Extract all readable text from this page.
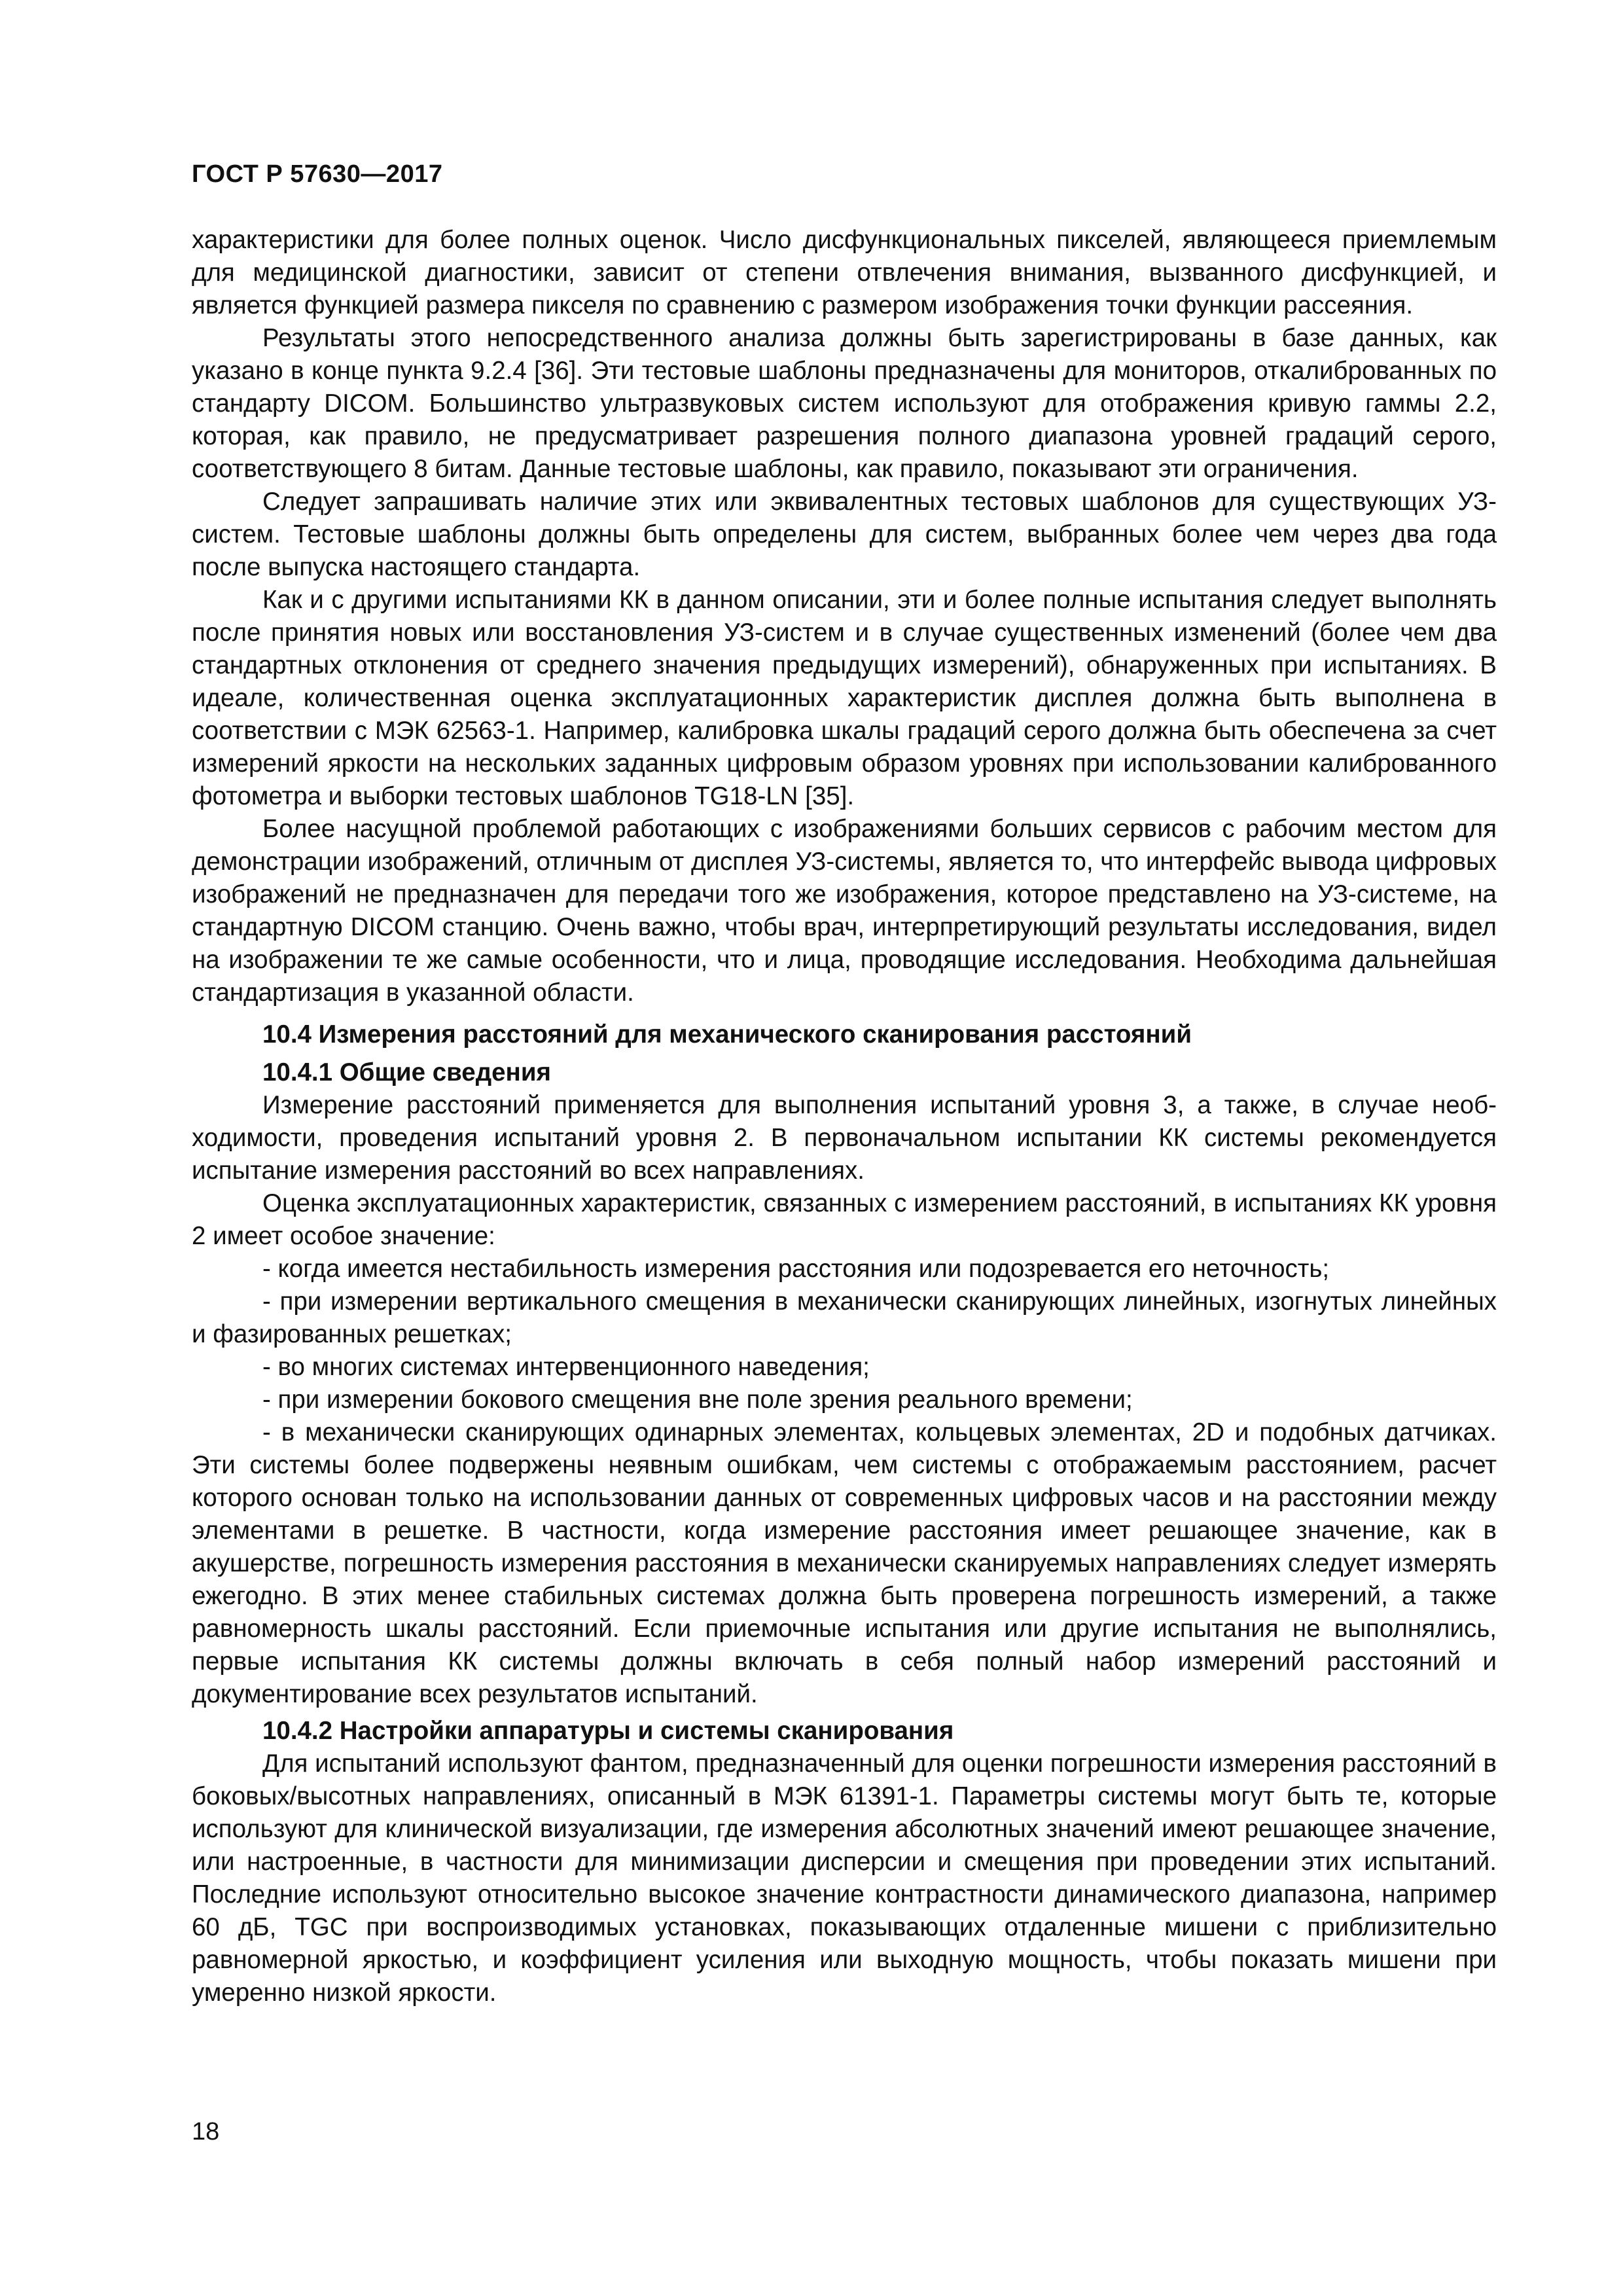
ГОСТ Р 57630—2017

характеристики для более полных оценок. Число дисфункциональных пикселей, являющееся приемлемым для медицинской диагностики, зависит от степени отвлечения внимания, вызванного дисфункцией, и является функцией размера пикселя по сравнению с размером изображения точки функции рассеяния.

Результаты этого непосредственного анализа должны быть зарегистрированы в базе данных, как указано в конце пункта 9.2.4 [36]. Эти тестовые шаблоны предназначены для мониторов, откалиброванных по стандарту DICOM. Большинство ультразвуковых систем используют для отображения кривую гаммы 2.2, которая, как правило, не предусматривает разрешения полного диапазона уровней градаций серого, соответствующего 8 битам. Данные тестовые шаблоны, как правило, показывают эти ограничения.

Следует запрашивать наличие этих или эквивалентных тестовых шаблонов для существующих УЗ-систем. Тестовые шаблоны должны быть определены для систем, выбранных более чем через два года после выпуска настоящего стандарта.

Как и с другими испытаниями КК в данном описании, эти и более полные испытания следует выполнять после принятия новых или восстановления УЗ-систем и в случае существенных изменений (более чем два стандартных отклонения от среднего значения предыдущих измерений), обнаруженных при испытаниях. В идеале, количественная оценка эксплуатационных характеристик дисплея должна быть выполнена в соответствии с МЭК 62563-1. Например, калибровка шкалы градаций серого должна быть обеспечена за счет измерений яркости на нескольких заданных цифровым образом уровнях при использовании калиброванного фотометра и выборки тестовых шаблонов TG18-LN [35].

Более насущной проблемой работающих с изображениями больших сервисов с рабочим местом для демонстрации изображений, отличным от дисплея УЗ-системы, является то, что интерфейс вывода цифровых изображений не предназначен для передачи того же изображения, которое представлено на УЗ-системе, на стандартную DICOM станцию. Очень важно, чтобы врач, интерпретирующий результаты исследования, видел на изображении те же самые особенности, что и лица, проводящие исследования. Необходима дальнейшая стандартизация в указанной области.

10.4 Измерения расстояний для механического сканирования расстояний
10.4.1 Общие сведения

Измерение расстояний применяется для выполнения испытаний уровня 3, а также, в случае необходимости, проведения испытаний уровня 2. В первоначальном испытании КК системы рекомендуется испытание измерения расстояний во всех направлениях.

Оценка эксплуатационных характеристик, связанных с измерением расстояний, в испытаниях КК уровня 2 имеет особое значение:

- когда имеется нестабильность измерения расстояния или подозревается его неточность;

- при измерении вертикального смещения в механически сканирующих линейных, изогнутых линейных и фазированных решетках;

- во многих системах интервенционного наведения;

- при измерении бокового смещения вне поле зрения реального времени;

- в механически сканирующих одинарных элементах, кольцевых элементах, 2D и подобных датчиках. Эти системы более подвержены неявным ошибкам, чем системы с отображаемым расстоянием, расчет которого основан только на использовании данных от современных цифровых часов и на расстоянии между элементами в решетке. В частности, когда измерение расстояния имеет решающее значение, как в акушерстве, погрешность измерения расстояния в механически сканируемых направлениях следует измерять ежегодно. В этих менее стабильных системах должна быть проверена погрешность измерений, а также равномерность шкалы расстояний. Если приемочные испытания или другие испытания не выполнялись, первые испытания КК системы должны включать в себя полный набор измерений расстояний и документирование всех результатов испытаний.

10.4.2 Настройки аппаратуры и системы сканирования

Для испытаний используют фантом, предназначенный для оценки погрешности измерения расстояний в боковых/высотных направлениях, описанный в МЭК 61391-1. Параметры системы могут быть те, которые используют для клинической визуализации, где измерения абсолютных значений имеют решающее значение, или настроенные, в частности для минимизации дисперсии и смещения при проведении этих испытаний. Последние используют относительно высокое значение контрастности динамического диапазона, например 60 дБ, TGC при воспроизводимых установках, показывающих отдаленные мишени с приблизительно равномерной яркостью, и коэффициент усиления или выходную мощность, чтобы показать мишени при умеренно низкой яркости.

18
